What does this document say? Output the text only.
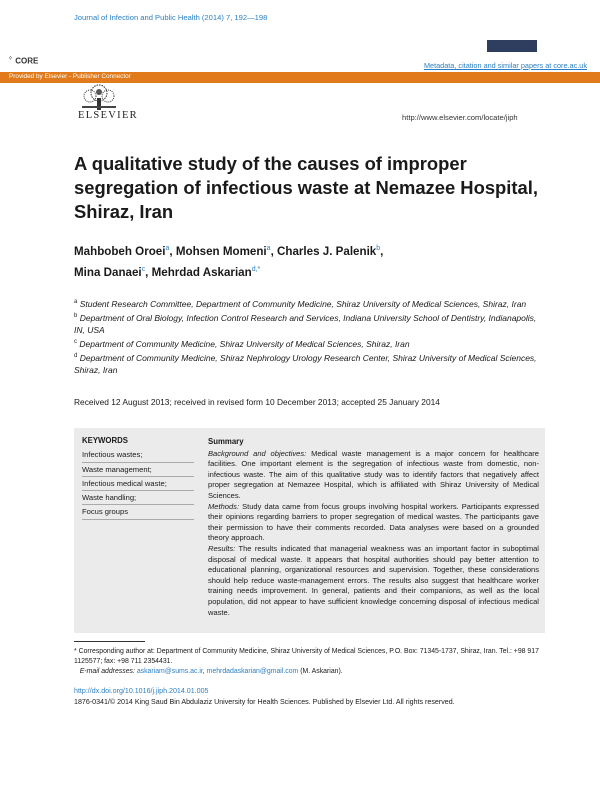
Journal of Infection and Public Health (2014) 7, 192—198
⁘ CORE	Metadata, citation and similar papers at core.ac.uk
Provided by Elsevier - Publisher Connector
ELSEVIER	http://www.elsevier.com/locate/jiph
A qualitative study of the causes of improper segregation of infectious waste at Nemazee Hospital, Shiraz, Iran
Mahbobeh Oroei$^a$, Mohsen Momeni$^a$, Charles J. Palenik$^b$,
Mina Danaei$^c$, Mehrdad Askarian$^{d,*}$

$^a$ Student Research Committee, Department of Community Medicine, Shiraz University of Medical Sciences, Shiraz, Iran

$^b$ Department of Oral Biology, Infection Control Research and Services, Indiana University School of Dentistry, Indianapolis, IN, USA

$^c$ Department of Community Medicine, Shiraz University of Medical Sciences, Shiraz, Iran

$^d$ Department of Community Medicine, Shiraz Nephrology Urology Research Center, Shiraz University of Medical Sciences, Shiraz, Iran

Received 12 August 2013; received in revised form 10 December 2013; accepted 25 January 2014
KEYWORDS
Infectious wastes;
Waste management;
Infectious medical waste;
Waste handling;
Focus groups
Summary

Background and objectives: Medical waste management is a major concern for healthcare facilities. One important element is the segregation of infectious waste from domestic, non-infectious waste. The aim of this qualitative study was to identify factors that negatively affect proper segregation at Nemazee Hospital, which is affiliated with Shiraz University of Medical Sciences.

Methods: Study data came from focus groups involving hospital workers. Participants expressed their opinions regarding barriers to proper segregation of medical wastes. The participants gave their permission to have their comments recorded. Data analyses were based on a grounded theory approach.

Results: The results indicated that managerial weakness was an important factor in suboptimal disposal of medical waste. It appears that hospital authorities should pay better attention to educational planning, organizational resources and supervision. Together, these considerations should help reduce waste-management errors. The results also suggest that healthcare worker training needs improvement. In general, patients and their companions, as well as the local population, did not appear to have sufficient knowledge concerning disposal of infectious medical waste.

* Corresponding author at: Department of Community Medicine, Shiraz University of Medical Sciences, P.O. Box: 71345-1737, Shiraz, Iran. Tel.: +98 917 1125577; fax: +98 711 2354431.

E-mail addresses: askariam@sums.ac.ir, mehrdadaskarian@gmail.com (M. Askarian).

http://dx.doi.org/10.1016/j.jiph.2014.01.005
1876-0341/© 2014 King Saud Bin Abdulaziz University for Health Sciences. Published by Elsevier Ltd. All rights reserved.
